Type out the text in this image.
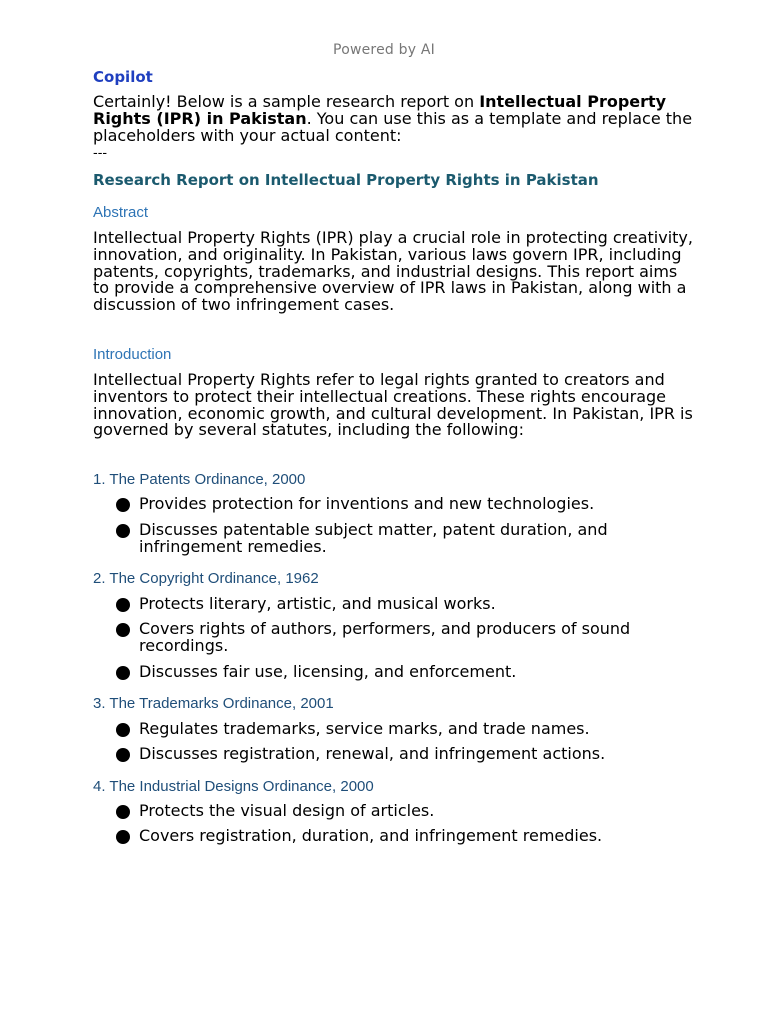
Powered by AI
Copilot
Certainly! Below is a sample research report on Intellectual Property Rights (IPR) in Pakistan. You can use this as a template and replace the placeholders with your actual content:
---
Research Report on Intellectual Property Rights in Pakistan
Abstract
Intellectual Property Rights (IPR) play a crucial role in protecting creativity, innovation, and originality. In Pakistan, various laws govern IPR, including patents, copyrights, trademarks, and industrial designs. This report aims to provide a comprehensive overview of IPR laws in Pakistan, along with a discussion of two infringement cases.
Introduction
Intellectual Property Rights refer to legal rights granted to creators and inventors to protect their intellectual creations. These rights encourage innovation, economic growth, and cultural development. In Pakistan, IPR is governed by several statutes, including the following:
1. The Patents Ordinance, 2000
Provides protection for inventions and new technologies.
Discusses patentable subject matter, patent duration, and infringement remedies.
2. The Copyright Ordinance, 1962
Protects literary, artistic, and musical works.
Covers rights of authors, performers, and producers of sound recordings.
Discusses fair use, licensing, and enforcement.
3. The Trademarks Ordinance, 2001
Regulates trademarks, service marks, and trade names.
Discusses registration, renewal, and infringement actions.
4. The Industrial Designs Ordinance, 2000
Protects the visual design of articles.
Covers registration, duration, and infringement remedies.
